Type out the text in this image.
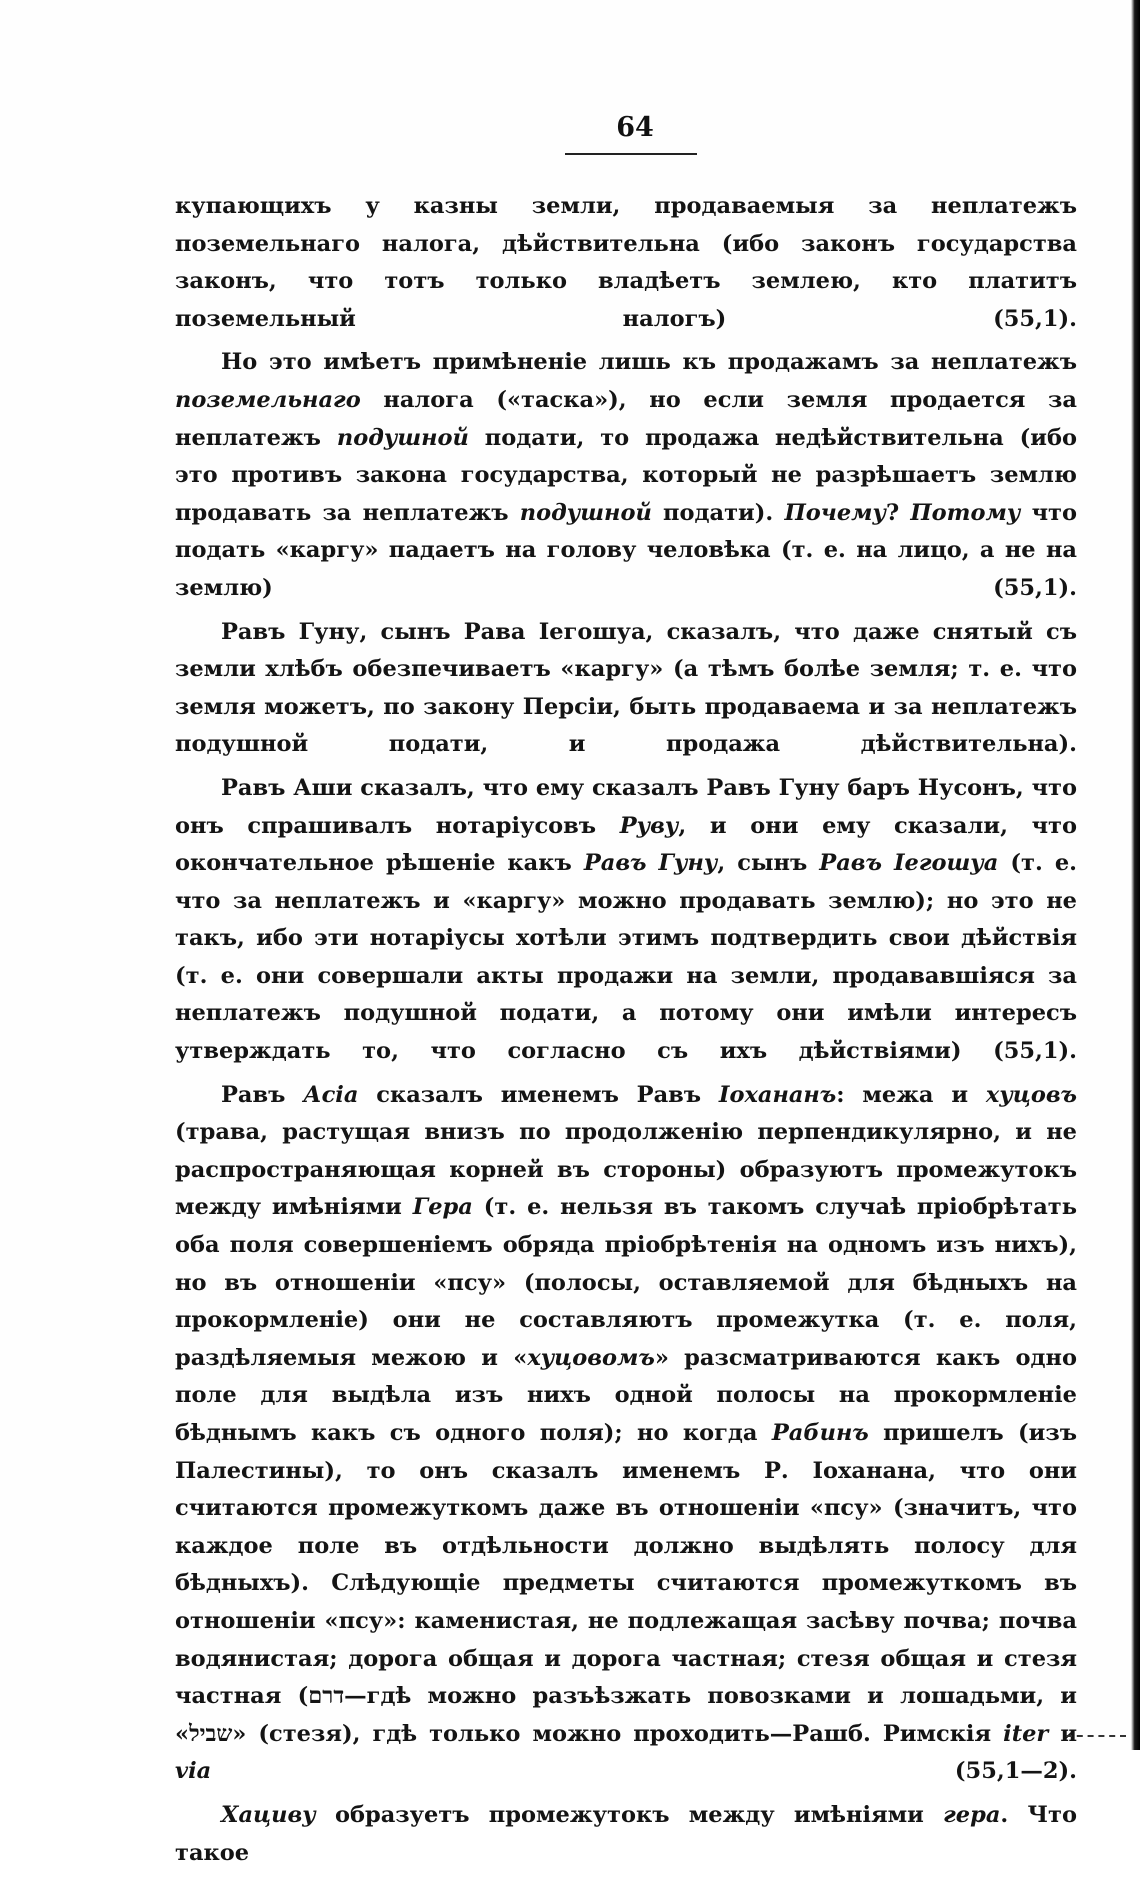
64

купающихъ у казны земли, продаваемыя за неплатежъ поземельнаго налога, дѣйствительна (ибо законъ государства законъ, что тотъ только владѣетъ землею, кто платитъ поземельный налогъ) (55,1).

Но это имѣетъ примѣненіе лишь къ продажамъ за неплатежъ поземельнаго налога («таска»), но если земля продается за неплатежъ подушной подати, то продажа недѣйствительна (ибо это противъ закона государства, который не разрѣшаетъ землю продавать за неплатежъ подушной подати). Почему? Потому что подать «каргу» падаетъ на голову человѣка (т. е. на лицо, а не на землю) (55,1).

Равъ Гуну, сынъ Рава Іегошуа, сказалъ, что даже снятый съ земли хлѣбъ обезпечиваетъ «каргу» (а тѣмъ болѣе земля; т. е. что земля можетъ, по закону Персіи, быть продаваема и за неплатежъ подушной подати, и продажа дѣйствительна).

Равъ Аши сказалъ, что ему сказалъ Равъ Гуну баръ Нусонъ, что онъ спрашивалъ нотаріусовъ Руву, и они ему сказали, что окончательное рѣшеніе какъ Равъ Гуну, сынъ Равъ Іегошуа (т. е. что за неплатежъ и «каргу» можно продавать землю); но это не такъ, ибо эти нотаріусы хотѣли этимъ подтвердить свои дѣйствія (т. е. они совершали акты продажи на земли, продававшіяся за неплатежъ подушной подати, а потому они имѣли интересъ утверждать то, что согласно съ ихъ дѣйствіями) (55,1).

Равъ Асіа сказалъ именемъ Равъ Іохананъ: межа и хуцовъ (трава, растущая внизъ по продолженію перпендикулярно, и не распространяющая корней въ стороны) образуютъ промежутокъ между имѣніями Гера (т. е. нельзя въ такомъ случаѣ пріобрѣтать оба поля совершеніемъ обряда пріобрѣтенія на одномъ изъ нихъ), но въ отношеніи «псу» (полосы, оставляемой для бѣдныхъ на прокормленіе) они не составляютъ промежутка (т. е. поля, раздѣляемыя межою и «хуцовомъ» разсматриваются какъ одно поле для выдѣла изъ нихъ одной полосы на прокормленіе бѣднымъ какъ съ одного поля); но когда Рабинъ пришелъ (изъ Палестины), то онъ сказалъ именемъ Р. Іоханана, что они считаются промежуткомъ даже въ отношеніи «псу» (значитъ, что каждое поле въ отдѣльности должно выдѣлять полосу для бѣдныхъ). Слѣдующіе предметы считаются промежуткомъ въ отношеніи «псу»: каменистая, не подлежащая засѣву почва; почва водянистая; дорога общая и дорога частная; стезя общая и стезя частная (דרם—гдѣ можно разъѣзжать повозками и лошадьми, и «שביל» (стезя), гдѣ только можно проходить—Рашб. Римскія iter и via (55,1—2).

Хациву образуетъ промежутокъ между имѣніями гера. Что такое
